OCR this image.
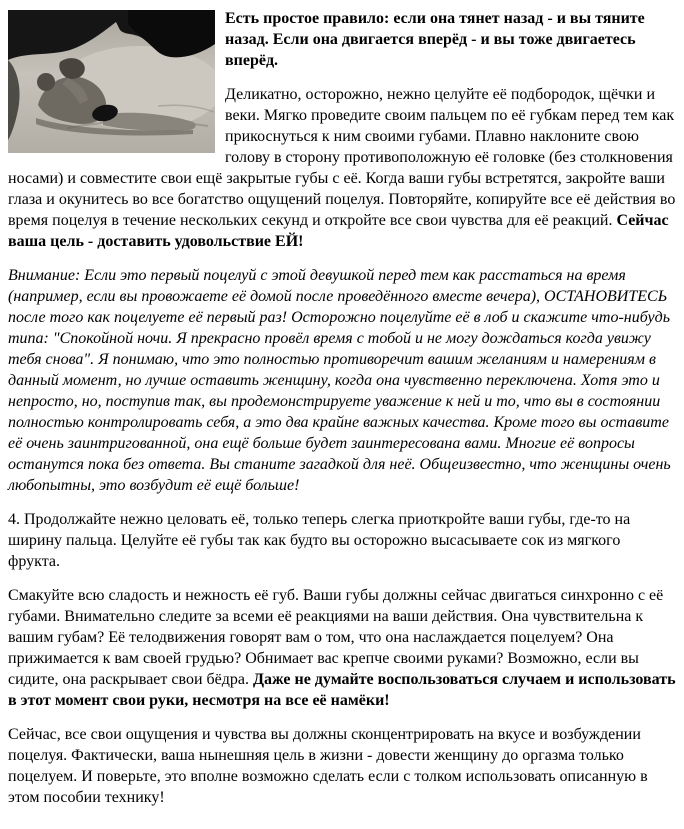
Есть простое правило: если она тянет назад - и вы тяните назад. Если она двигается вперёд - и вы тоже двигаетесь вперёд.

Деликатно, осторожно, нежно целуйте её подбородок, щёчки и веки. Мягко проведите своим пальцем по её губкам перед тем как прикоснуться к ним своими губами. Плавно наклоните свою голову в сторону противоположную её головке (без столкновения носами) и совместите свои ещё закрытые губы с её. Когда ваши губы встретятся, закройте ваши глаза и окунитесь во все богатство ощущений поцелуя. Повторяйте, копируйте все её действия во время поцелуя в течение нескольких секунд и откройте все свои чувства для её реакций. Сейчас ваша цель - доставить удовольствие ЕЙ!

Внимание: Если это первый поцелуй с этой девушкой перед тем как расстаться на время (например, если вы провожаете её домой после проведённого вместе вечера), ОСТАНОВИТЕСЬ после того как поцелуете её первый раз! Осторожно поцелуйте её в лоб и скажите что-нибудь типа: "Спокойной ночи. Я прекрасно провёл время с тобой и не могу дождаться когда увижу тебя снова". Я понимаю, что это полностью противоречит вашим желаниям и намерениям в данный момент, но лучше оставить женщину, когда она чувственно переключена. Хотя это и непросто, но, поступив так, вы продемонстрируете уважение к ней и то, что вы в состоянии полностью контролировать себя, а это два крайне важных качества. Кроме того вы оставите её очень заинтригованной, она ещё больше будет заинтересована вами. Многие её вопросы останутся пока без ответа. Вы станите загадкой для неё. Общеизвестно, что женщины очень любопытны, это возбудит её ещё больше!

4. Продолжайте нежно целовать её, только теперь слегка приоткройте ваши губы, где-то на ширину пальца. Целуйте её губы так как будто вы осторожно высасываете сок из мягкого фрукта.

Смакуйте всю сладость и нежность её губ. Ваши губы должны сейчас двигаться синхронно с её губами. Внимательно следите за всеми её реакциями на ваши действия. Она чувствительна к вашим губам? Её телодвижения говорят вам о том, что она наслаждается поцелуем? Она прижимается к вам своей грудью? Обнимает вас крепче своими руками? Возможно, если вы сидите, она раскрывает свои бёдра. Даже не думайте воспользоваться случаем и использовать в этот момент свои руки, несмотря на все её намёки!

Сейчас, все свои ощущения и чувства вы должны сконцентрировать на вкусе и возбуждении поцелуя. Фактически, ваша нынешняя цель в жизни - довести женщину до оргазма только поцелуем. И поверьте, это вполне возможно сделать если с толком использовать описанную в этом пособии технику!
